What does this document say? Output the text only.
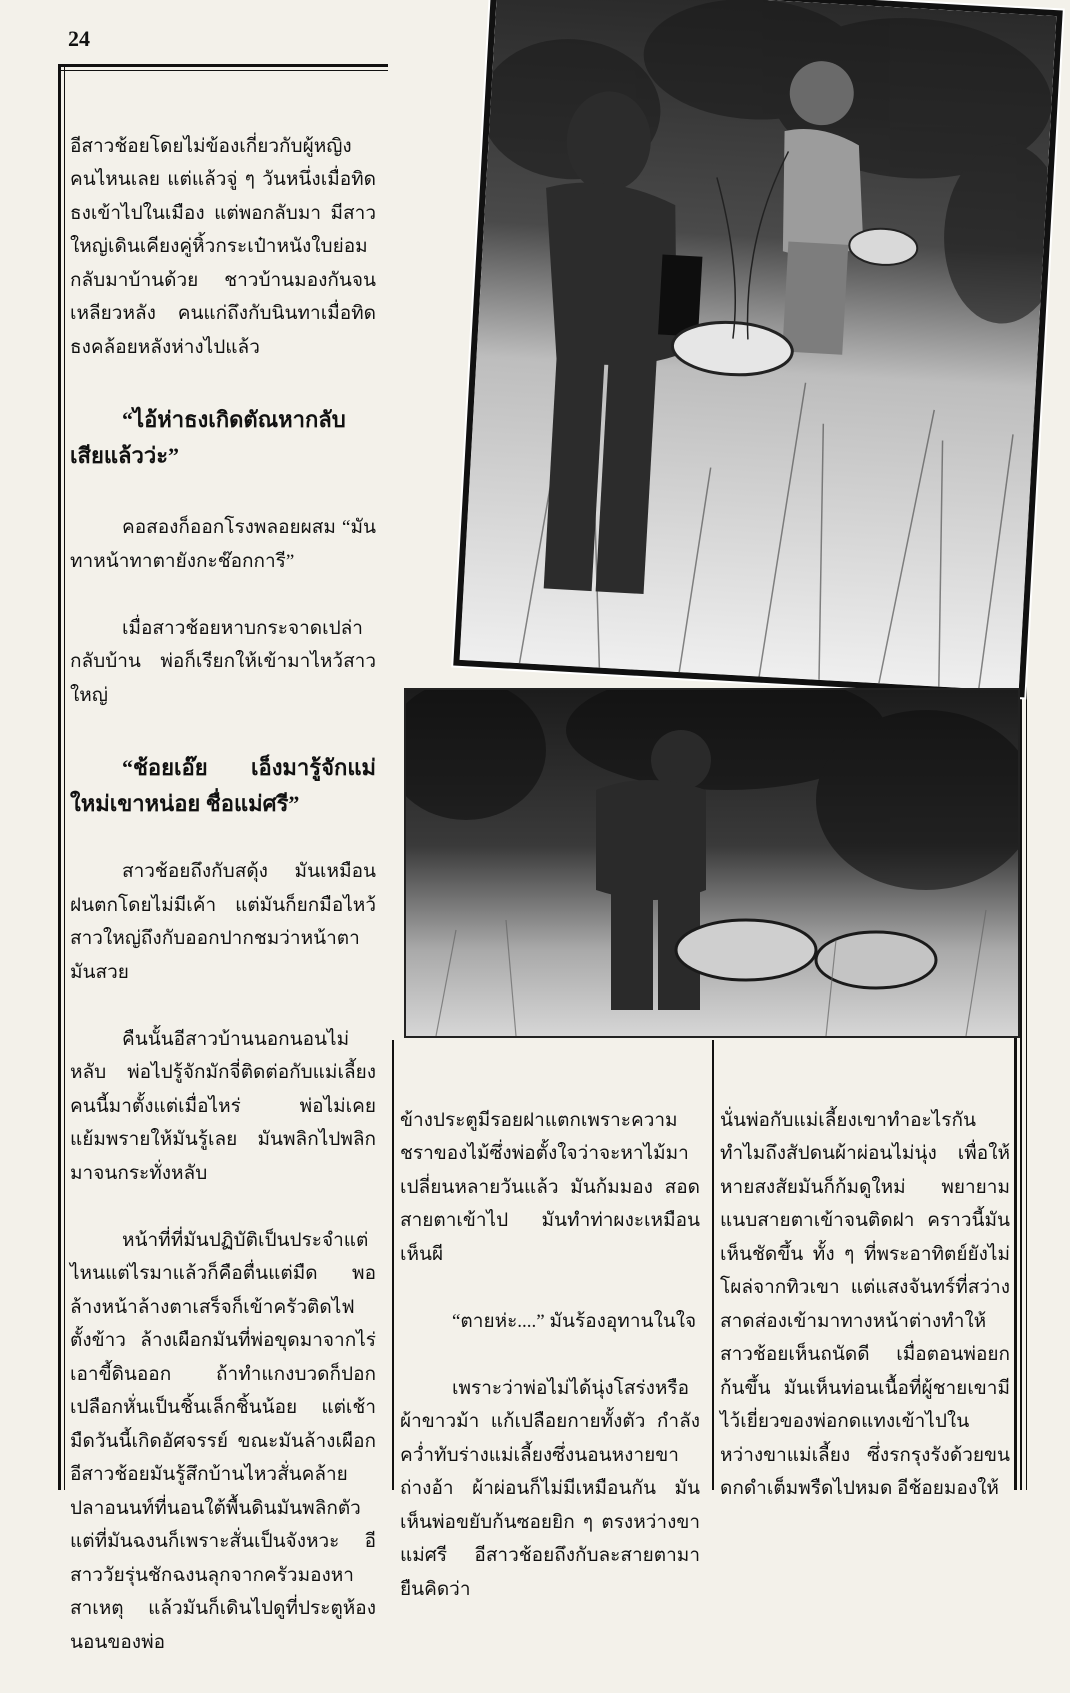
24

อีสาวช้อยโดยไม่ข้องเกี่ยวกับผู้หญิงคนไหนเลย แต่แล้วจู่ ๆ วันหนึ่งเมื่อทิดธงเข้าไปในเมือง แต่พอกลับมา มีสาวใหญ่เดินเคียงคู่หิ้วกระเป๋าหนังใบย่อมกลับมาบ้านด้วย ชาวบ้านมองกันจนเหลียวหลัง คนแก่ถึงกับนินทาเมื่อทิดธงคล้อยหลังห่างไปแล้ว

“ไอ้ห่าธงเกิดตัณหากลับเสียแล้วว่ะ”

คอสองก็ออกโรงพลอยผสม “มันทาหน้าทาตายังกะช๊อกการี”

เมื่อสาวช้อยหาบกระจาดเปล่ากลับบ้าน พ่อก็เรียกให้เข้ามาไหว้สาวใหญ่

“ช้อยเอ๊ย เอ็งมารู้จักแม่ใหม่เขาหน่อย ชื่อแม่ศรี”

สาวช้อยถึงกับสดุ้ง มันเหมือนฝนตกโดยไม่มีเค้า แต่มันก็ยกมือไหว้สาวใหญ่ถึงกับออกปากชมว่าหน้าตามันสวย

คืนนั้นอีสาวบ้านนอกนอนไม่หลับ พ่อไปรู้จักมักจี่ติดต่อกับแม่เลี้ยงคนนี้มาตั้งแต่เมื่อไหร่ พ่อไม่เคยแย้มพรายให้มันรู้เลย มันพลิกไปพลิกมาจนกระทั่งหลับ

หน้าที่ที่มันปฏิบัติเป็นประจำแต่ไหนแต่ไรมาแล้วก็คือตื่นแต่มืด พอล้างหน้าล้างตาเสร็จก็เข้าครัวติดไฟตั้งข้าว ล้างเผือกมันที่พ่อขุดมาจากไร่เอาขี้ดินออก ถ้าทำแกงบวดก็ปอกเปลือกหั่นเป็นชิ้นเล็กชิ้นน้อย แต่เช้ามืดวันนี้เกิดอัศจรรย์ ขณะมันล้างเผือก อีสาวช้อยมันรู้สึกบ้านไหวสั่นคล้ายปลาอนนท์ที่นอนใต้พื้นดินมันพลิกตัว แต่ที่มันฉงนก็เพราะสั่นเป็นจังหวะ อีสาววัยรุ่นชักฉงนลุกจากครัวมองหาสาเหตุ แล้วมันก็เดินไปดูที่ประตูห้องนอนของพ่อ

ข้างประตูมีรอยฝาแตกเพราะความชราของไม้ซึ่งพ่อตั้งใจว่าจะหาไม้มาเปลี่ยนหลายวันแล้ว มันก้มมอง สอดสายตาเข้าไป มันทำท่าผงะเหมือนเห็นผี

“ตายห่ะ....” มันร้องอุทานในใจ

เพราะว่าพ่อไม่ได้นุ่งโสร่งหรือผ้าขาวม้า แก้เปลือยกายทั้งตัว กำลังคว่ำทับร่างแม่เลี้ยงซึ่งนอนหงายขาถ่างอ้า ผ้าผ่อนก็ไม่มีเหมือนกัน มันเห็นพ่อขยับก้นซอยยิก ๆ ตรงหว่างขาแม่ศรี อีสาวช้อยถึงกับละสายตามายืนคิดว่า

นั่นพ่อกับแม่เลี้ยงเขาทำอะไรกัน ทำไมถึงสัปดนผ้าผ่อนไม่นุ่ง เพื่อให้หายสงสัยมันก็ก้มดูใหม่ พยายามแนบสายตาเข้าจนติดฝา คราวนี้มันเห็นชัดขึ้น ทั้ง ๆ ที่พระอาทิตย์ยังไม่โผล่จากทิวเขา แต่แสงจันทร์ที่สว่างสาดส่องเข้ามาทางหน้าต่างทำให้สาวช้อยเห็นถนัดดี เมื่อตอนพ่อยกก้นขึ้น มันเห็นท่อนเนื้อที่ผู้ชายเขามีไว้เยี่ยวของพ่อกดแทงเข้าไปในหว่างขาแม่เลี้ยง ซึ่งรกรุงรังด้วยขนดกดำเต็มพรืดไปหมด อีช้อยมองให้
